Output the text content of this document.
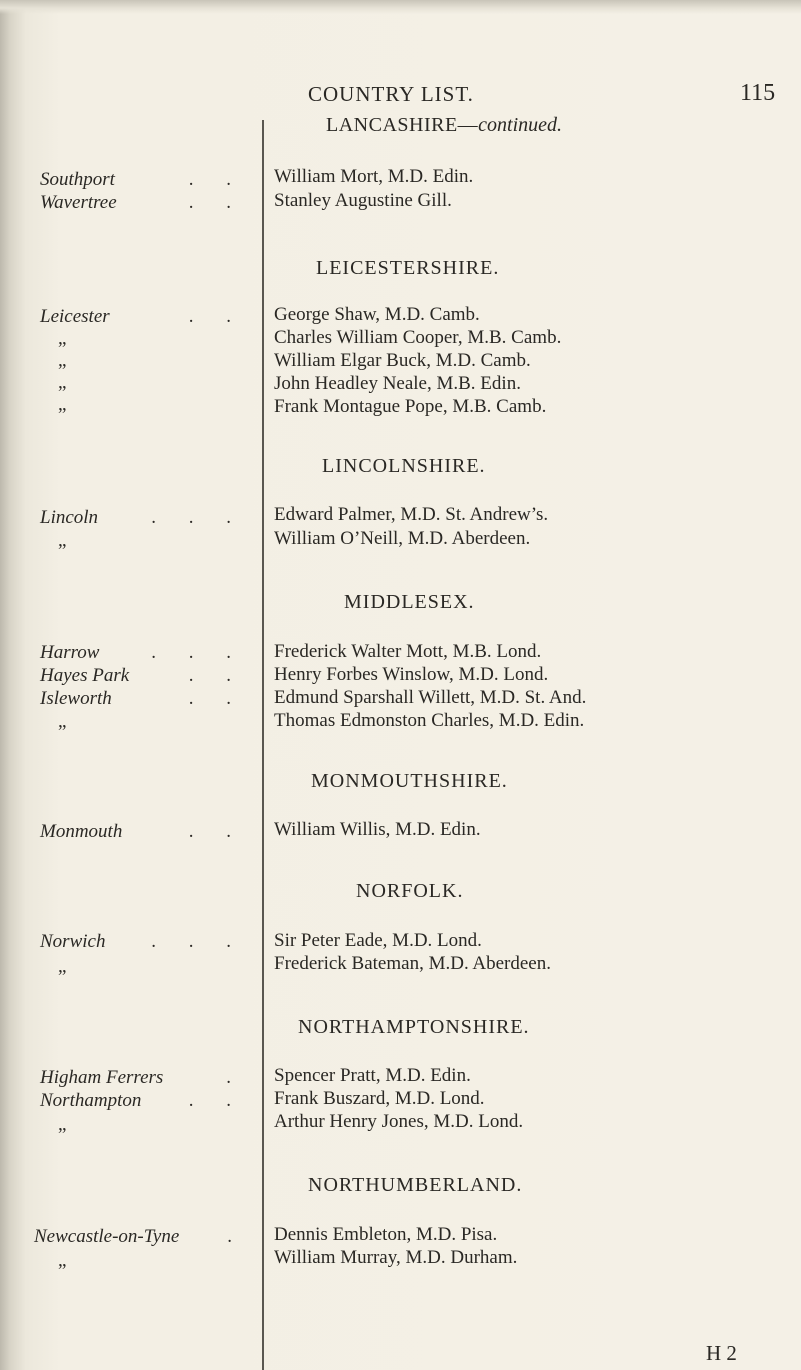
COUNTRY LIST.	115
LANCASHIRE—continued.
Southport	. . William Mort, M.D. Edin.
Wavertree	. . Stanley Augustine Gill.
LEICESTERSHIRE.
Leicester	. . George Shaw, M.D. Camb.
„	Charles William Cooper, M.B. Camb.
„	William Elgar Buck, M.D. Camb.
„	John Headley Neale, M.B. Edin.
„	Frank Montague Pope, M.B. Camb.
LINCOLNSHIRE.
Lincoln	. . . Edward Palmer, M.D. St. Andrew’s.
„	William O’Neill, M.D. Aberdeen.
MIDDLESEX.
Harrow	. . . Frederick Walter Mott, M.B. Lond.
Hayes Park	. . Henry Forbes Winslow, M.D. Lond.
Isleworth	. . Edmund Sparshall Willett, M.D. St. And.
„	Thomas Edmonston Charles, M.D. Edin.
MONMOUTHSHIRE.
Monmouth	. . William Willis, M.D. Edin.
NORFOLK.
Norwich . . . Sir Peter Eade, M.D. Lond.
„	Frederick Bateman, M.D. Aberdeen.
NORTHAMPTONSHIRE.
Higham Ferrers	. Spencer Pratt, M.D. Edin.
Northampton . . Frank Buszard, M.D. Lond.
„	Arthur Henry Jones, M.D. Lond.
NORTHUMBERLAND.
Newcastle-on-Tyne	. Dennis Embleton, M.D. Pisa.
„	William Murray, M.D. Durham.
H 2
